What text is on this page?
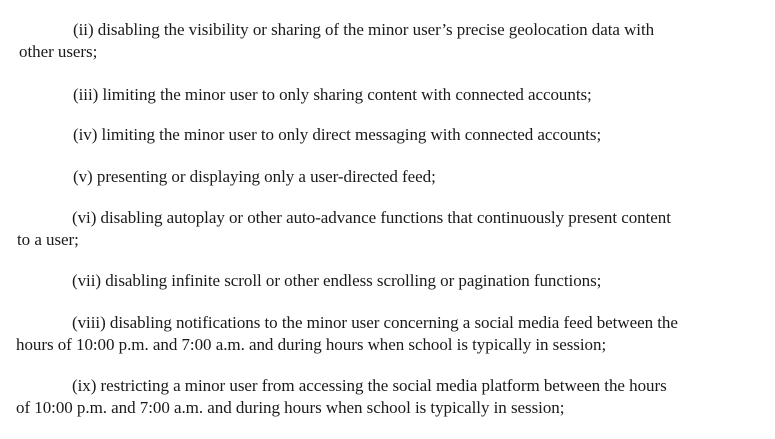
(ii) disabling the visibility or sharing of the minor user’s precise geolocation data with
other users;
(iii) limiting the minor user to only sharing content with connected accounts;
(iv) limiting the minor user to only direct messaging with connected accounts;
(v) presenting or displaying only a user-directed feed;
(vi) disabling autoplay or other auto-advance functions that continuously present content
to a user;
(vii) disabling infinite scroll or other endless scrolling or pagination functions;
(viii) disabling notifications to the minor user concerning a social media feed between the
hours of 10:00 p.m. and 7:00 a.m. and during hours when school is typically in session;
(ix) restricting a minor user from accessing the social media platform between the hours
of 10:00 p.m. and 7:00 a.m. and during hours when school is typically in session;
